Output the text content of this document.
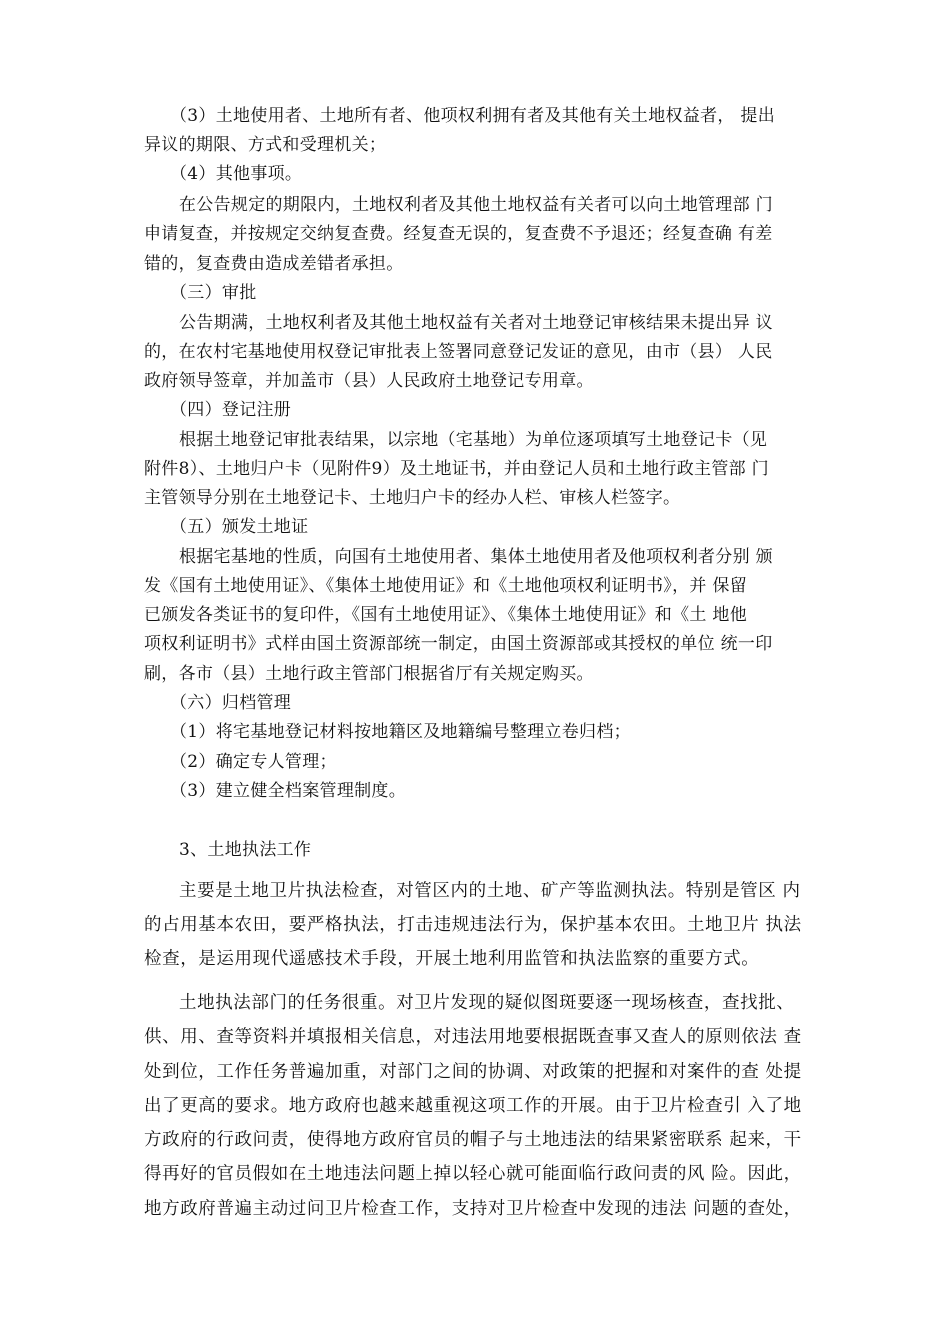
（3）土地使用者、土地所有者、他项权利拥有者及其他有关土地权益者， 提出

异议的期限、方式和受理机关；

（4）其他事项。

在公告规定的期限内，土地权利者及其他土地权益有关者可以向土地管理部 门

申请复查，并按规定交纳复查费。经复查无误的，复查费不予退还；经复查确 有差

错的，复查费由造成差错者承担。

（三）审批

公告期满，土地权利者及其他土地权益有关者对土地登记审核结果未提出异 议

的，在农村宅基地使用权登记审批表上签署同意登记发证的意见，由市（县） 人民

政府领导签章，并加盖市（县）人民政府土地登记专用章。

（四）登记注册

根据土地登记审批表结果，以宗地（宅基地）为单位逐项填写土地登记卡（见

附件8）、土地归户卡（见附件9）及土地证书，并由登记人员和土地行政主管部 门

主管领导分别在土地登记卡、土地归户卡的经办人栏、审核人栏签字。

（五）颁发土地证

根据宅基地的性质，向国有土地使用者、集体土地使用者及他项权利者分别 颁

发《国有土地使用证》、《集体土地使用证》和《土地他项权利证明书》，并 保留

已颁发各类证书的复印件，《国有土地使用证》、《集体土地使用证》和《土 地他

项权利证明书》式样由国土资源部统一制定，由国土资源部或其授权的单位 统一印

刷，各市（县）土地行政主管部门根据省厅有关规定购买。

（六）归档管理

（1）将宅基地登记材料按地籍区及地籍编号整理立卷归档；

（2）确定专人管理；

（3）建立健全档案管理制度。

3、土地执法工作

主要是土地卫片执法检查，对管区内的土地、矿产等监测执法。特别是管区 内

的占用基本农田，要严格执法，打击违规违法行为，保护基本农田。土地卫片 执法

检查，是运用现代遥感技术手段，开展土地利用监管和执法监察的重要方式。

土地执法部门的任务很重。对卫片发现的疑似图斑要逐一现场核查，查找批、

供、用、查等资料并填报相关信息，对违法用地要根据既查事又查人的原则依法 查

处到位，工作任务普遍加重，对部门之间的协调、对政策的把握和对案件的查 处提

出了更高的要求。地方政府也越来越重视这项工作的开展。由于卫片检查引 入了地

方政府的行政问责，使得地方政府官员的帽子与土地违法的结果紧密联系 起来，干

得再好的官员假如在土地违法问题上掉以轻心就可能面临行政问责的风 险。因此，

地方政府普遍主动过问卫片检查工作，支持对卫片检查中发现的违法 问题的查处，
